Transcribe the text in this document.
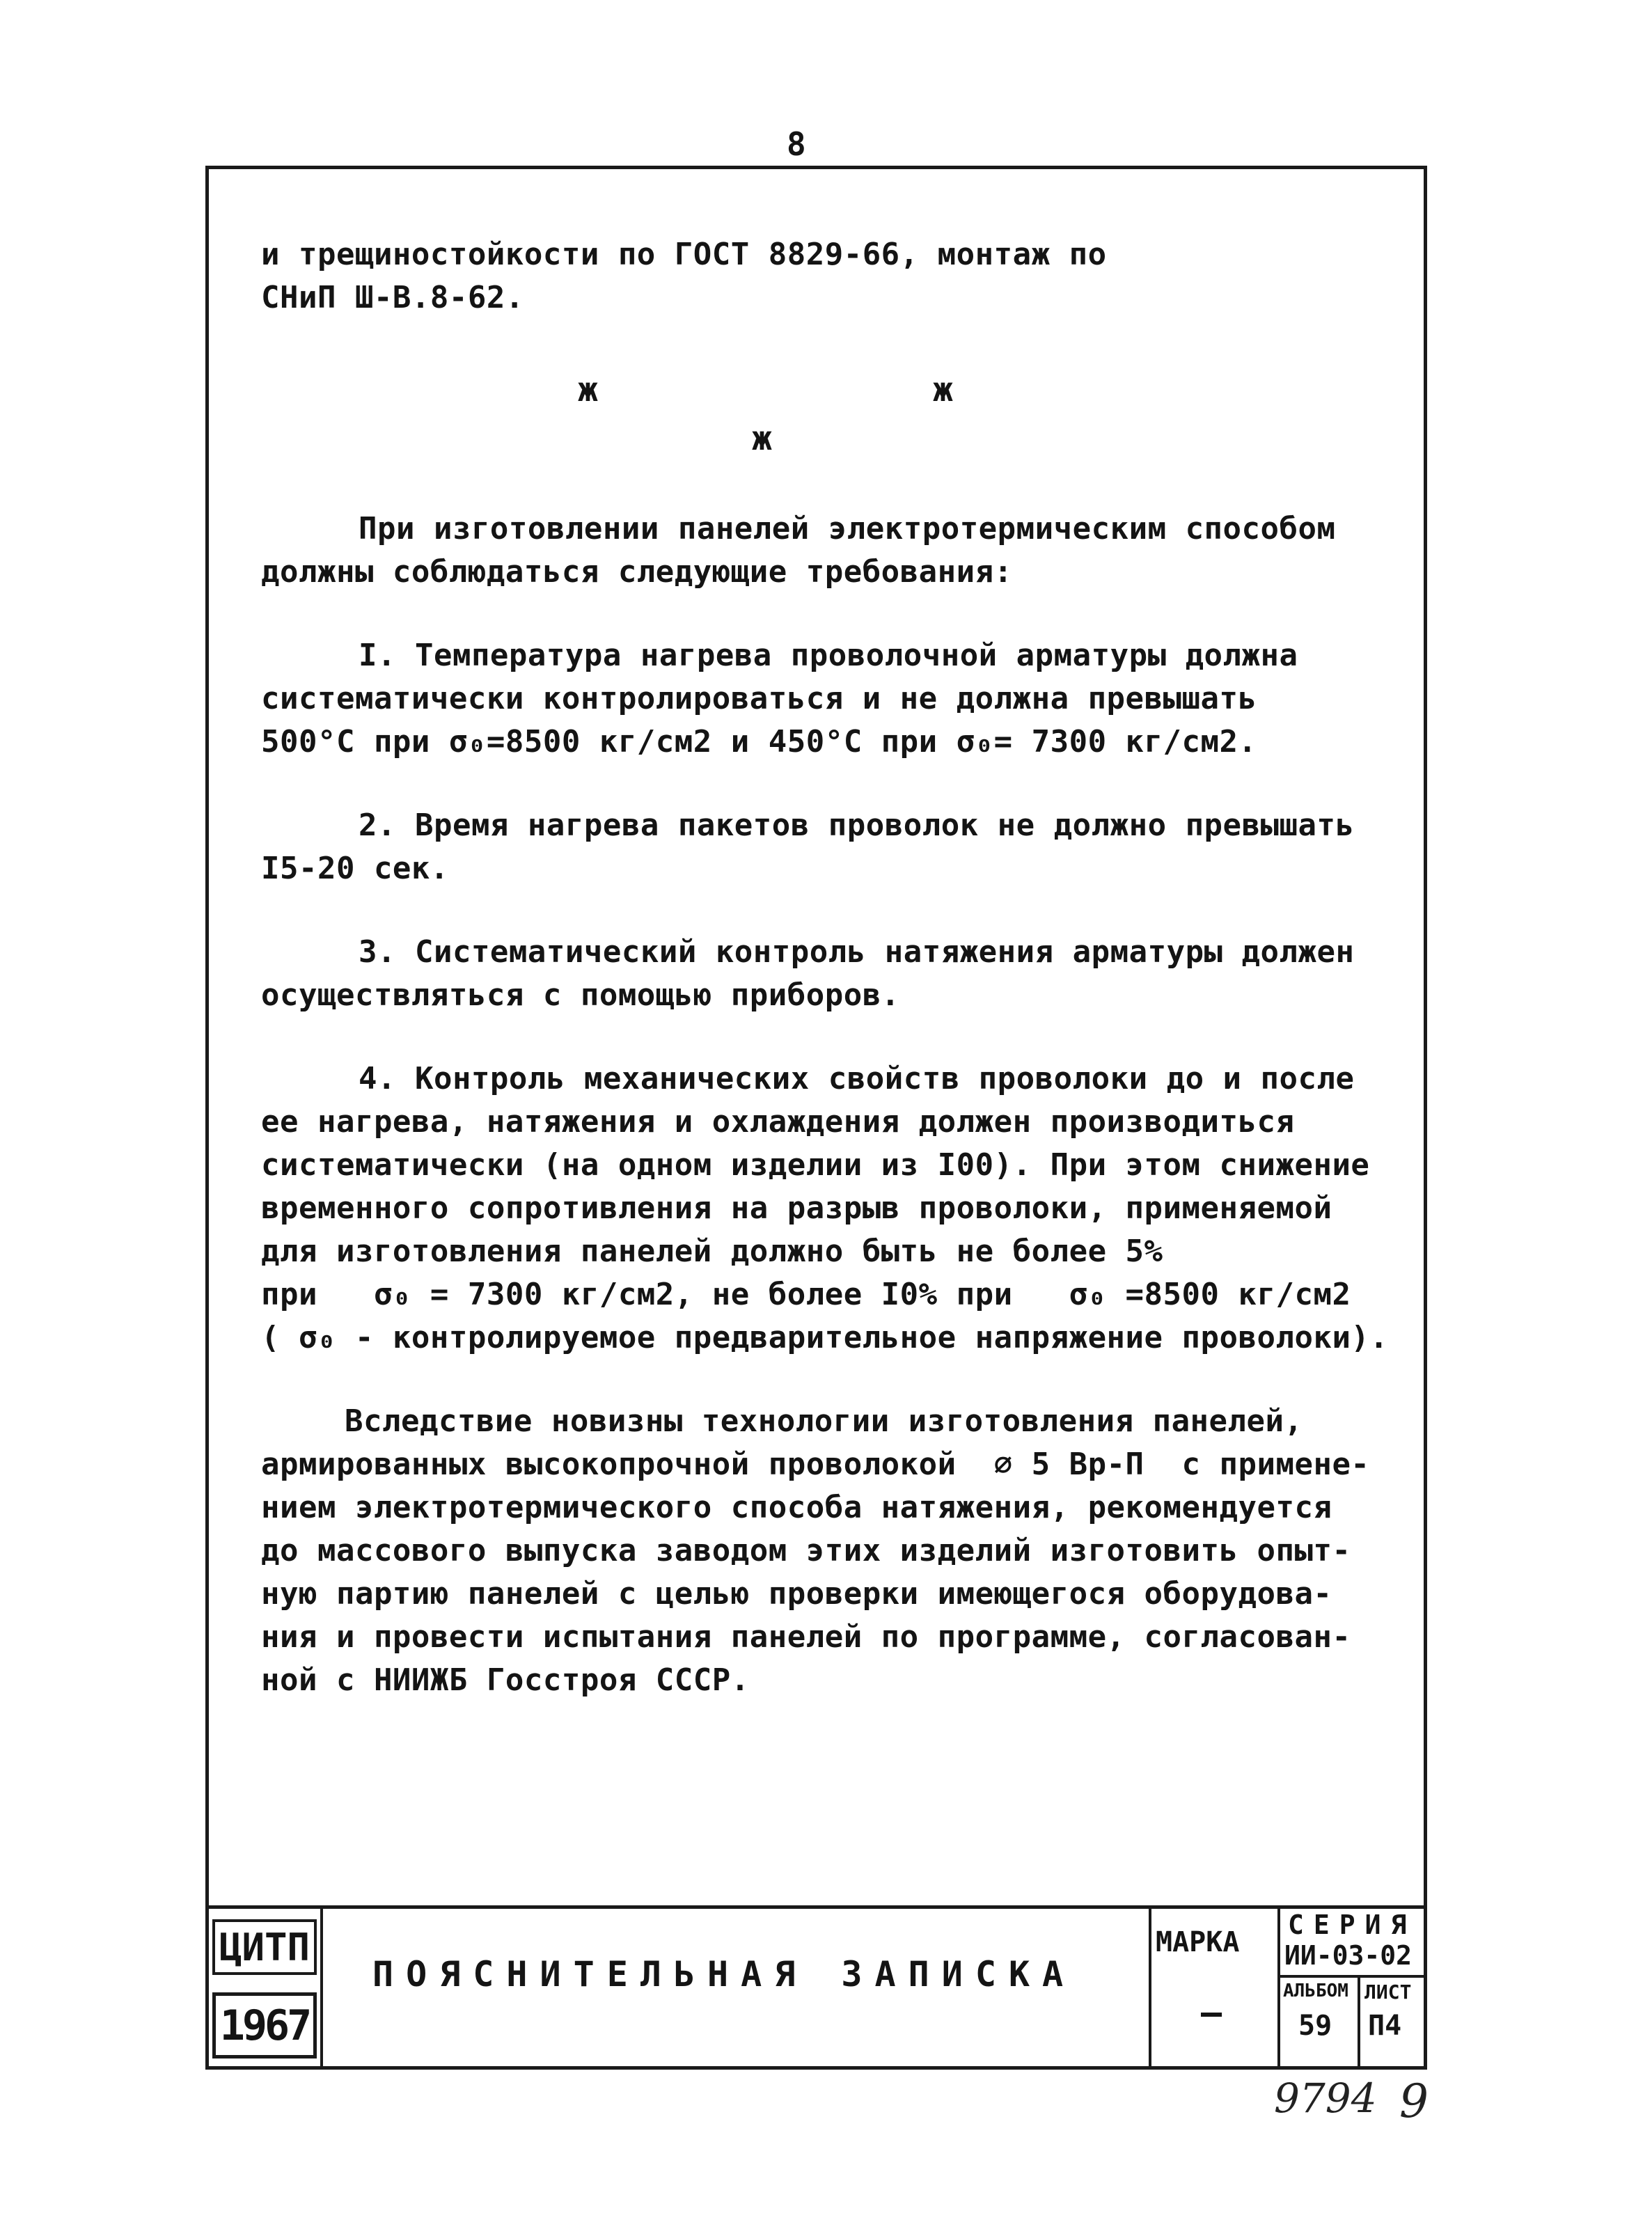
8
и трещиностойкости по ГОСТ 8829-66, монтаж по
СНиП Ш-В.8-62.
ж	ж
ж
При изготовлении панелей электротермическим способом
должны соблюдаться следующие требования:
I. Температура нагрева проволочной арматуры должна
систематически контролироваться и не должна превышать
500°С при σ₀=8500 кг/см2 и 450°С при σ₀= 7300 кг/см2.
2. Время нагрева пакетов проволок не должно превышать
I5-20 сек.
3. Систематический контроль натяжения арматуры должен
осуществляться с помощью приборов.
4. Контроль механических свойств проволоки до и после
ее нагрева, натяжения и охлаждения должен производиться
систематически (на одном изделии из I00). При этом снижение
временного сопротивления на разрыв проволоки, применяемой
для изготовления панелей должно быть не более 5%
при   σ₀ = 7300 кг/см2, не более I0% при   σ₀ =8500 кг/см2
( σ₀ - контролируемое предварительное напряжение проволоки).
Вследствие новизны технологии изготовления панелей,
армированных высокопрочной проволокой  ∅ 5 Вр-П  с примене-
нием электротермического способа натяжения, рекомендуется
до массового выпуска заводом этих изделий изготовить опыт-
ную партию панелей с целью проверки имеющегося оборудова-
ния и провести испытания панелей по программе, согласован-
ной с НИИЖБ Госстроя СССР.
ЦИТП
1967
ПОЯСНИТЕЛЬНАЯ ЗАПИСКА
МАРКА
—
СЕРИЯ
ИИ-03-02
АЛЬБОМ
59
ЛИСТ
П4
9794 9
